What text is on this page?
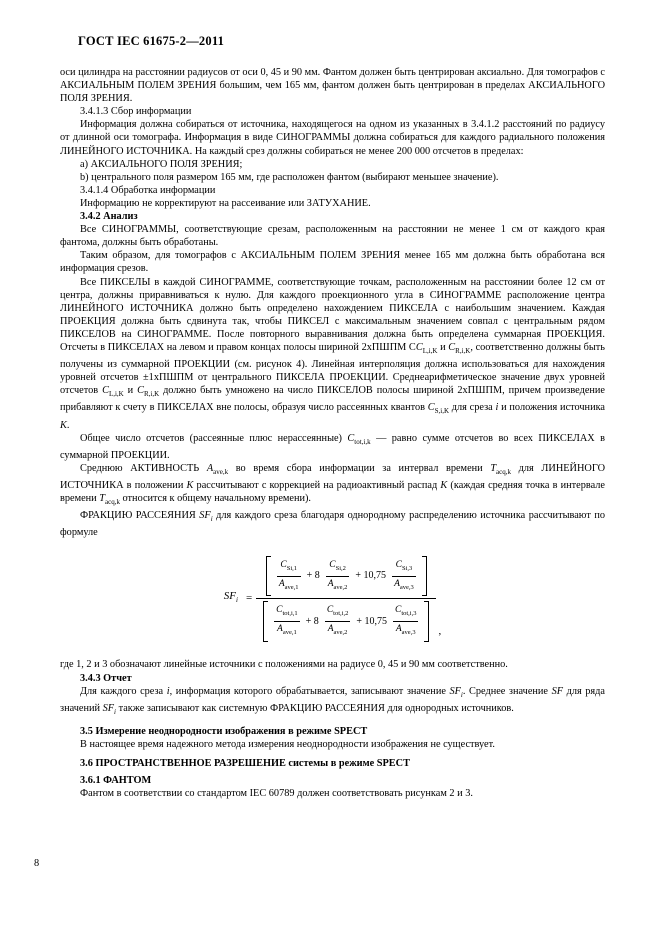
ГОСТ IEC 61675-2—2011

оси цилиндра на расстоянии радиусов от оси 0, 45 и 90 мм. Фантом должен быть центрирован аксиально. Для томографов с АКСИАЛЬНЫМ ПОЛЕМ ЗРЕНИЯ большим, чем 165 мм, фантом должен быть центрирован в пределах АКСИАЛЬНОГО ПОЛЯ ЗРЕНИЯ.

3.4.1.3 Сбор информации

Информация должна собираться от источника, находящегося на одном из указанных в 3.4.1.2 расстояний по радиусу от длинной оси томографа. Информация в виде СИНОГРАММЫ должна собираться для каждого радиального положения ЛИНЕЙНОГО ИСТОЧНИКА. На каждый срез должны собираться не менее 200 000 отсчетов в пределах:

a) АКСИАЛЬНОГО ПОЛЯ ЗРЕНИЯ;

b) центрального поля размером 165 мм, где расположен фантом (выбирают меньшее значение).

3.4.1.4 Обработка информации

Информацию не корректируют на рассеивание или ЗАТУХАНИЕ.

3.4.2 Анализ

Все СИНОГРАММЫ, соответствующие срезам, расположенным на расстоянии не менее 1 см от каждого края фантома, должны быть обработаны.

Таким образом, для томографов с АКСИАЛЬНЫМ ПОЛЕМ ЗРЕНИЯ менее 165 мм должна быть обработана вся информация срезов.

Все ПИКСЕЛЫ в каждой СИНОГРАММЕ, соответствующие точкам, расположенным на расстоянии более 12 см от центра, должны приравниваться к нулю. Для каждого проекционного угла в СИНОГРАММЕ расположение центра ЛИНЕЙНОГО ИСТОЧНИКА должно быть определено нахождением ПИКСЕЛА с наибольшим значением. Каждая ПРОЕКЦИЯ должна быть сдвинута так, чтобы ПИКСЕЛ с максимальным значением совпал с центральным рядом ПИКСЕЛОВ на СИНОГРАММЕ. После повторного выравнивания должна быть определена суммарная ПРОЕКЦИЯ. Отсчеты в ПИКСЕЛАХ на левом и правом концах полосы шириной 2хПШПМ $CC_{L,i,K}$ и $C_{R,i,K}$, соответственно должны быть получены из суммарной ПРОЕКЦИИ (см. рисунок 4). Линейная интерполяция должна использоваться для нахождения уровней отсчетов ±1хПШПМ от центрального ПИКСЕЛА ПРОЕКЦИИ. Среднеарифметическое значение двух уровней отсчетов $C_{L,i,K}$ и $C_{R,i,K}$ должно быть умножено на число ПИКСЕЛОВ полосы шириной 2хПШПМ, причем произведение прибавляют к счету в ПИКСЕЛАХ вне полосы, образуя число рассеянных квантов $C_{S,i,K}$ для среза i и положения источника K.

Общее число отсчетов (рассеянные плюс нерассеянные) $C_{tot,i,k}$ — равно сумме отсчетов во всех ПИКСЕЛАХ в суммарной ПРОЕКЦИИ.

Среднюю АКТИВНОСТЬ $A_{ave,k}$ во время сбора информации за интервал времени $T_{acq,k}$ для ЛИНЕЙНОГО ИСТОЧНИКА в положении K рассчитывают с коррекцией на радиоактивный распад K (каждая средняя точка в интервале времени $T_{acq,k}$ относится к общему начальному времени).

ФРАКЦИЮ РАССЕЯНИЯ $SF_i$ для каждого среза благодаря однородному распределению источника рассчитывают по формуле

$SF_i$ =
$\frac{C_{Si,1}}{A_{ave,1}} + 8 \frac{C_{Si,2}}{A_{ave,2}} + 10,75 \frac{C_{Si,3}}{A_{ave,3}}$
$\frac{C_{tot,i,1}}{A_{ave,1}} + 8 \frac{C_{tot,i,2}}{A_{ave,2}} + 10,75 \frac{C_{tot,i,3}}{A_{ave,3}}$ ,

где 1, 2 и 3 обозначают линейные источники с положениями на радиусе 0, 45 и 90 мм соответственно.

3.4.3 Отчет

Для каждого среза i, информация которого обрабатывается, записывают значение $SF_i$. Среднее значение SF для ряда значений $SF_i$ также записывают как системную ФРАКЦИЮ РАССЕЯНИЯ для однородных источников.

3.5 Измерение неоднородности изображения в режиме SPECT

В настоящее время надежного метода измерения неоднородности изображения не существует.

3.6 ПРОСТРАНСТВЕННОЕ РАЗРЕШЕНИЕ системы в режиме SPECT

3.6.1 ФАНТОМ

Фантом в соответствии со стандартом IEC 60789 должен соответствовать рисункам 2 и 3.

8
